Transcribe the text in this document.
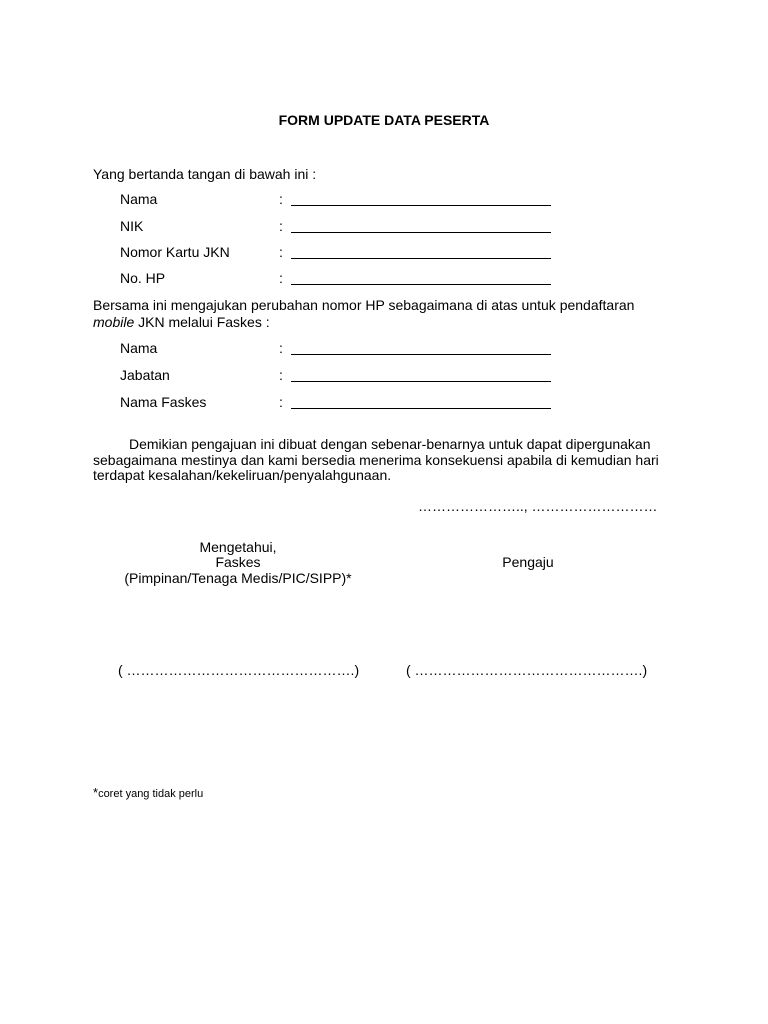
FORM UPDATE DATA PESERTA
Yang bertanda tangan di bawah ini :
Nama	:
NIK	:
Nomor Kartu JKN	:
No. HP	:
Bersama ini mengajukan perubahan nomor HP sebagaimana di atas untuk pendaftaran
mobile JKN melalui Faskes :
Nama	:
Jabatan	:
Nama Faskes	:
Demikian pengajuan ini dibuat dengan sebenar-benarnya untuk dapat dipergunakan
sebagaimana mestinya dan kami bersedia menerima konsekuensi apabila di kemudian hari
terdapat kesalahan/kekeliruan/penyalahgunaan.
………………….., ………………………
Mengetahui,
Faskes
(Pimpinan/Tenaga Medis/PIC/SIPP)*
Pengaju
( ………………………………………….)	( ………………………………………….)
*coret yang tidak perlu
